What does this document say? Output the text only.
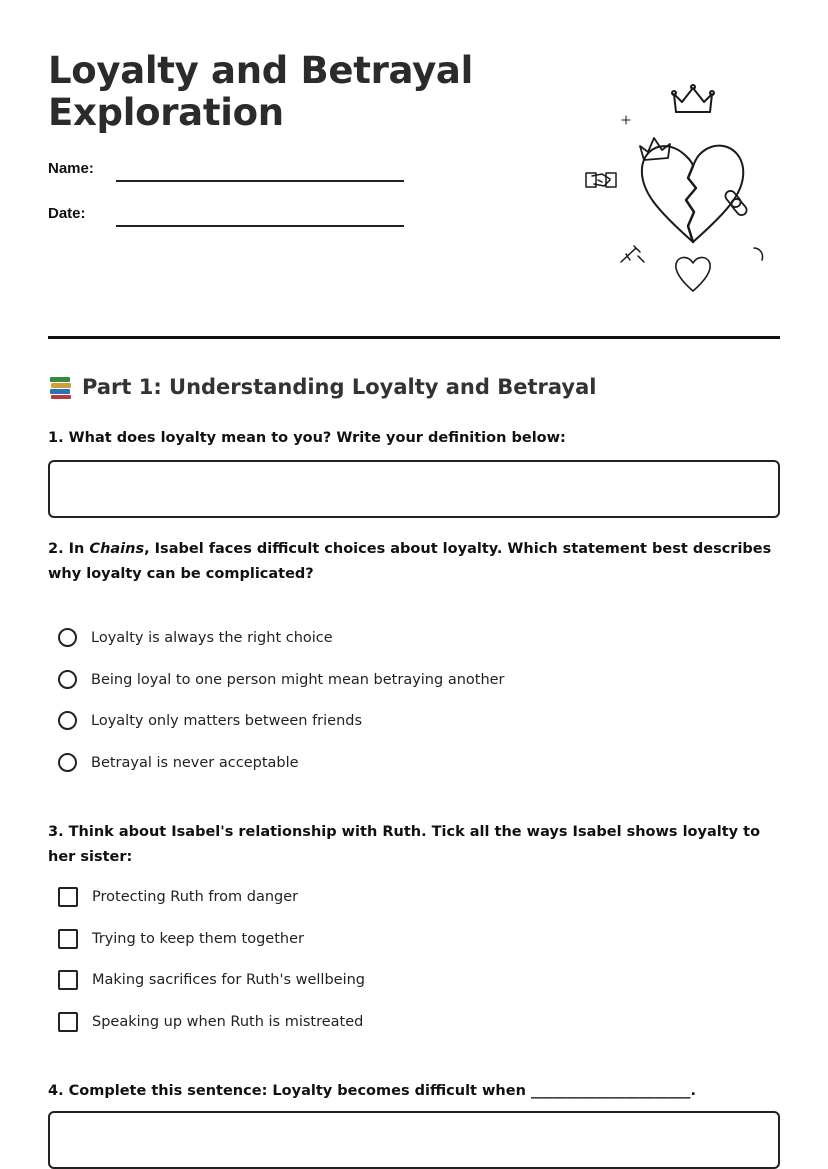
Loyalty and Betrayal Exploration
Name:
Date:
Part 1: Understanding Loyalty and Betrayal
1. What does loyalty mean to you? Write your definition below:
2. In Chains, Isabel faces difficult choices about loyalty. Which statement best describes why loyalty can be complicated?
Loyalty is always the right choice
Being loyal to one person might mean betraying another
Loyalty only matters between friends
Betrayal is never acceptable
3. Think about Isabel's relationship with Ruth. Tick all the ways Isabel shows loyalty to her sister:
Protecting Ruth from danger
Trying to keep them together
Making sacrifices for Ruth's wellbeing
Speaking up when Ruth is mistreated
4. Complete this sentence: Loyalty becomes difficult when ______________________.
